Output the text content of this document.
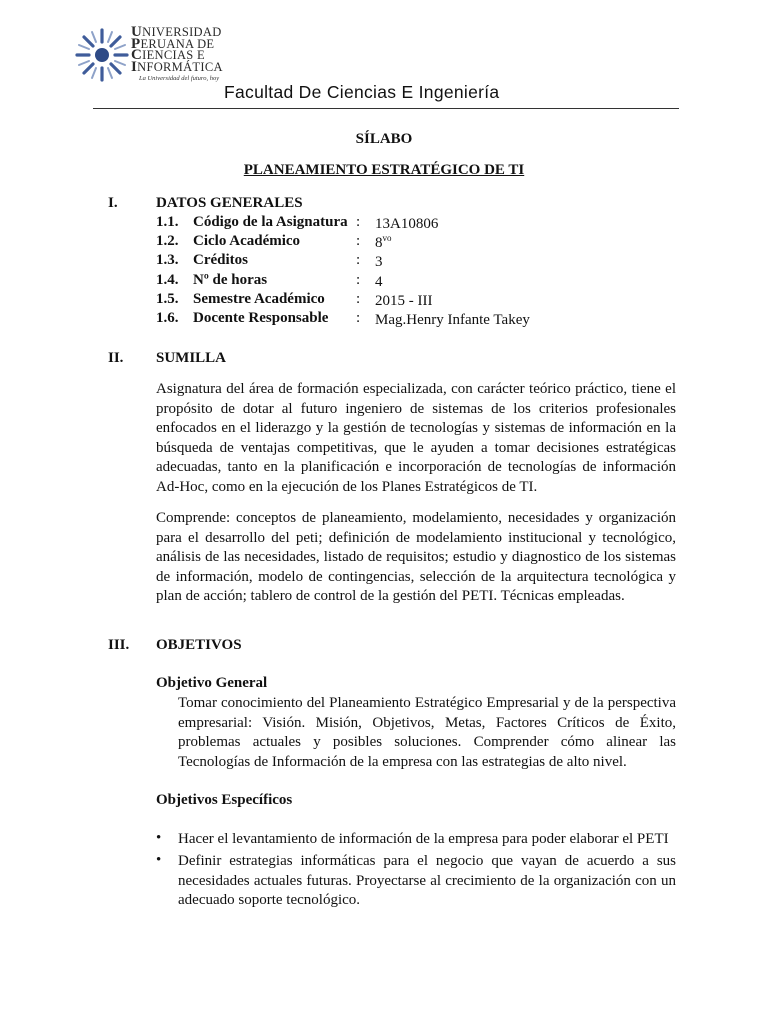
UNIVERSIDAD
PERUANA DE
CIENCIAS E
INFORMÁTICA
La Universidad del futuro, hoy
Facultad De Ciencias E Ingeniería
SÍLABO
PLANEAMIENTO ESTRATÉGICO DE TI
I.	DATOS GENERALES
1.1. Código de la Asignatura : 13A10806
1.2. Ciclo Académico	: $8^{vo}$
1.3. Créditos	: 3
1.4. Nº de horas	: 4
1.5. Semestre Académico : 2015 - III
1.6. Docente Responsable : Mag.Henry Infante Takey
II. SUMILLA

Asignatura del área de formación especializada, con carácter teórico práctico, tiene el propósito de dotar al futuro ingeniero de sistemas de los criterios profesionales enfocados en el liderazgo y la gestión de tecnologías y sistemas de información en la búsqueda de ventajas competitivas, que le ayuden a tomar decisiones estratégicas adecuadas, tanto en la planificación e incorporación de tecnologías de información Ad-Hoc, como en la ejecución de los Planes Estratégicos de TI.

Comprende: conceptos de planeamiento, modelamiento, necesidades y organización para el desarrollo del peti; definición de modelamiento institucional y tecnológico, análisis de las necesidades, listado de requisitos; estudio y diagnostico de los sistemas de información, modelo de contingencias, selección de la arquitectura tecnológica y plan de acción; tablero de control de la gestión del PETI. Técnicas empleadas.

III. OBJETIVOS
Objetivo General

Tomar conocimiento del Planeamiento Estratégico Empresarial y de la perspectiva empresarial: Visión. Misión, Objetivos, Metas, Factores Críticos de Éxito, problemas actuales y posibles soluciones. Comprender cómo alinear las Tecnologías de Información de la empresa con las estrategias de alto nivel.

Objetivos Específicos
• Hacer el levantamiento de información de la empresa para poder elaborar el PETI

• Definir estrategias informáticas para el negocio que vayan de acuerdo a sus necesidades actuales futuras. Proyectarse al crecimiento de la organización con un adecuado soporte tecnológico.
